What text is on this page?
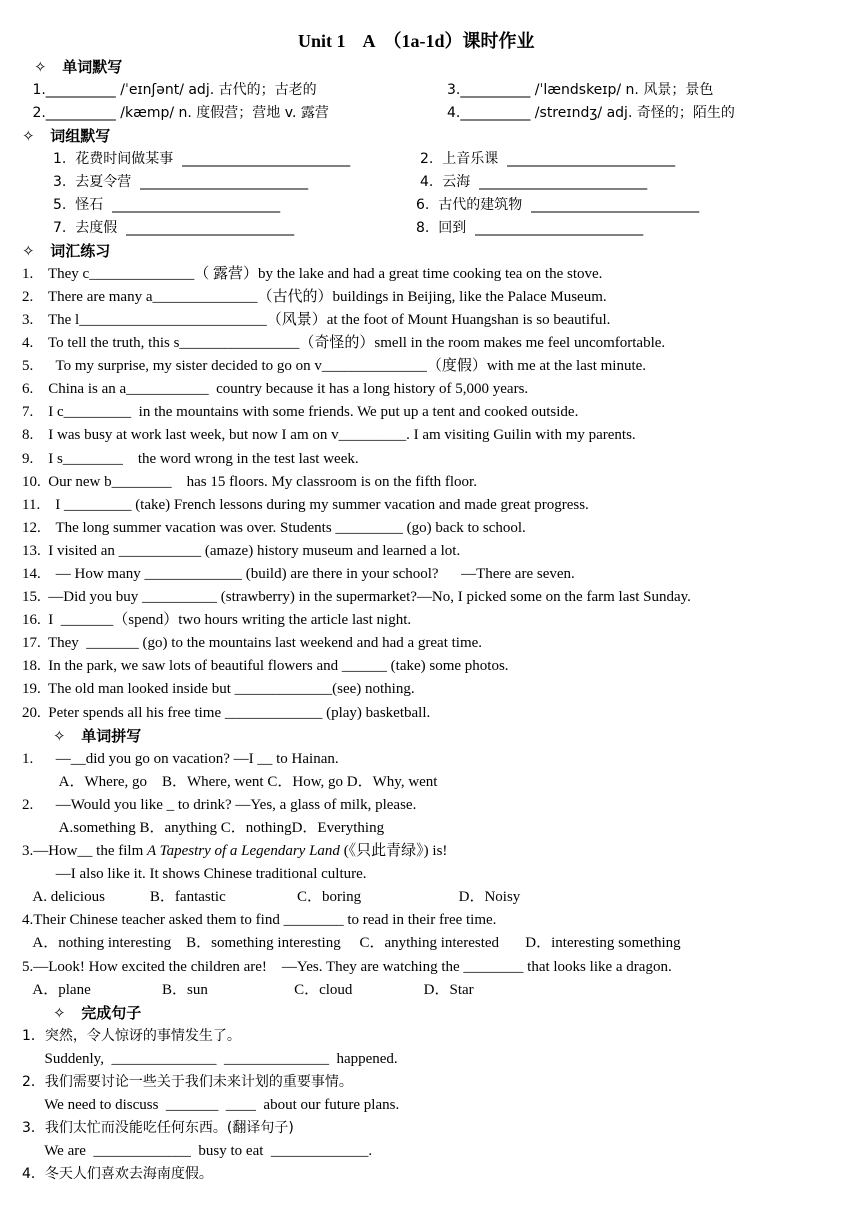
Unit 1    A  （1a-1d）课时作业
✧   单词默写
1.__________ /ˈeɪnʃənt/ adj. 古代的；古老的	3.__________ /ˈlændskeɪp/ n. 风景；景色
2.__________ /kæmp/ n. 度假营；营地 v. 露营	4.__________ /streɪndʒ/ adj. 奇怪的；陌生的
✧   词组默写
1.  花费时间做某事  ________________________	2.  上音乐课  ________________________
3.  去夏令营  ________________________	4.  云海  ________________________
5.  怪石  ________________________	6.  古代的建筑物  ________________________
7.  去度假  ________________________	8.  回到  ________________________
✧   词汇练习
1.    They c______________（ 露营）by the lake and had a great time cooking tea on the stove.
2.    There are many a______________（古代的）buildings in Beijing, like the Palace Museum.
3.    The l_________________________（风景）at the foot of Mount Huangshan is so beautiful.
4.    To tell the truth, this s________________（奇怪的）smell in the room makes me feel uncomfortable.
5.      To my surprise, my sister decided to go on v______________（度假）with me at the last minute.
6.    China is an a___________  country because it has a long history of 5,000 years.
7.    I c_________  in the mountains with some friends. We put up a tent and cooked outside.
8.    I was busy at work last week, but now I am on v_________. I am visiting Guilin with my parents.
9.    I s________    the word wrong in the test last week.
10.  Our new b________    has 15 floors. My classroom is on the fifth floor.
11.    I _________ (take) French lessons during my summer vacation and made great progress.
12.    The long summer vacation was over. Students _________ (go) back to school.
13.  I visited an ___________ (amaze) history museum and learned a lot.
14.    — How many _____________ (build) are there in your school?      —There are seven.
15.  —Did you buy __________ (strawberry) in the supermarket?—No, I picked some on the farm last Sunday.
16.  I  _______（spend）two hours writing the article last night.
17.  They  _______ (go) to the mountains last weekend and had a great time.
18.  In the park, we saw lots of beautiful flowers and ______ (take) some photos.
19.  The old man looked inside but _____________(see) nothing.
20.  Peter spends all his free time _____________ (play) basketball.
✧   单词拼写
1.      —__did you go on vacation? —I __ to Hainan.
A．Where, go    B．Where, went C．How, go D．Why, went
2.      —Would you like _ to drink? —Yes, a glass of milk, please.
A.something B．anything C．nothingD．Everything
3.—How__ the film A Tapestry of a Legendary Land (《只此青绿》) is!
—I also like it. It shows Chinese traditional culture.
A. delicious            B．fantastic                   C．boring                          D．Noisy
4.Their Chinese teacher asked them to find ________ to read in their free time.
A．nothing interesting    B．something interesting     C．anything interested       D．interesting something
5.—Look! How excited the children are!    —Yes. They are watching the ________ that looks like a dragon.
A．plane                   B．sun                       C．cloud                   D．Star
✧   完成句子
1．突然，令人惊讶的事情发生了。
Suddenly,  ______________  ______________  happened.
2．我们需要讨论一些关于我们未来计划的重要事情。
We need to discuss  _______  ____  about our future plans.
3．我们太忙而没能吃任何东西。(翻译句子)
We are  _____________  busy to eat  _____________.
4．冬天人们喜欢去海南度假。
